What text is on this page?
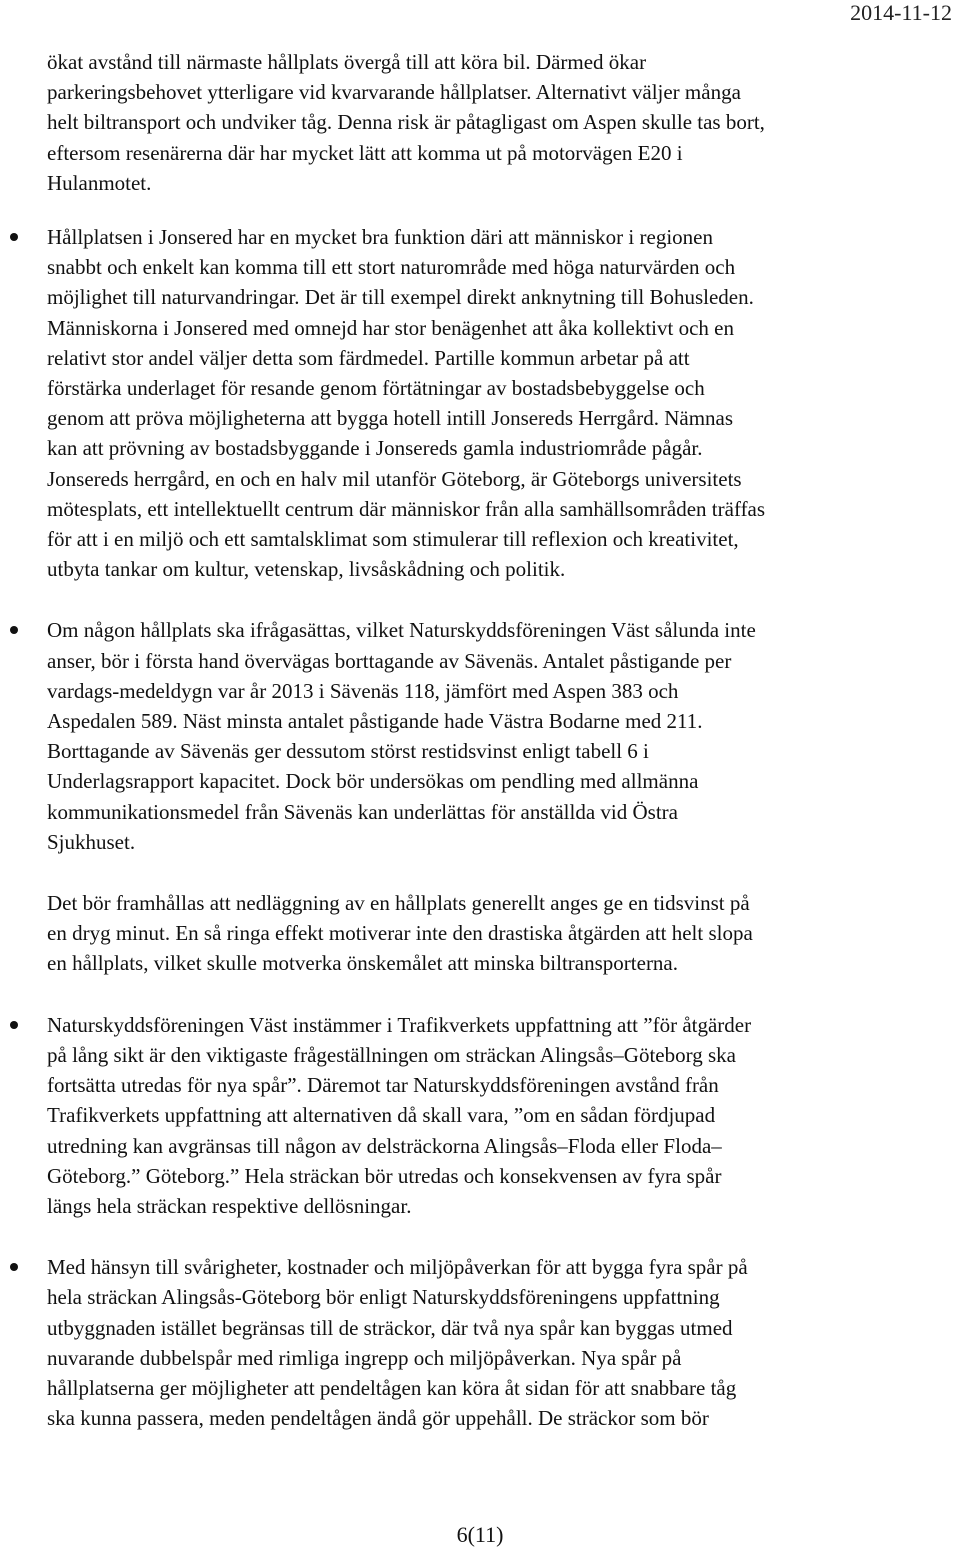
2014-11-12

ökat avstånd till närmaste hållplats övergå till att köra bil. Därmed ökar

parkeringsbehovet ytterligare vid kvarvarande hållplatser. Alternativt väljer många

helt biltransport och undviker tåg. Denna risk är påtagligast om Aspen skulle tas bort,

eftersom resenärerna där har mycket lätt att komma ut på motorvägen E20 i

Hulanmotet.

Hållplatsen i Jonsered har en mycket bra funktion däri att människor i regionen

snabbt och enkelt kan komma till ett stort naturområde med höga naturvärden och

möjlighet till naturvandringar. Det är till exempel direkt anknytning till Bohusleden.

Människorna i Jonsered med omnejd har stor benägenhet att åka kollektivt och en

relativt stor andel väljer detta som färdmedel. Partille kommun arbetar på att

förstärka underlaget för resande genom förtätningar av bostadsbebyggelse och

genom att pröva möjligheterna att bygga hotell intill Jonsereds Herrgård. Nämnas

kan att prövning av bostadsbyggande i Jonsereds gamla industriområde pågår.

Jonsereds herrgård, en och en halv mil utanför Göteborg, är Göteborgs universitets

mötesplats, ett intellektuellt centrum där människor från alla samhällsområden träffas

för att i en miljö och ett samtalsklimat som stimulerar till reflexion och kreativitet,

utbyta tankar om kultur, vetenskap, livsåskådning och politik.

Om någon hållplats ska ifrågasättas, vilket Naturskyddsföreningen Väst sålunda inte

anser, bör i första hand övervägas borttagande av Sävenäs. Antalet påstigande per

vardags-medeldygn var år 2013 i Sävenäs 118, jämfört med Aspen 383 och

Aspedalen 589. Näst minsta antalet påstigande hade Västra Bodarne med 211.

Borttagande av Sävenäs ger dessutom störst restidsvinst enligt tabell 6 i

Underlagsrapport kapacitet. Dock bör undersökas om pendling med allmänna

kommunikationsmedel från Sävenäs kan underlättas för anställda vid Östra

Sjukhuset.

Det bör framhållas att nedläggning av en hållplats generellt anges ge en tidsvinst på

en dryg minut. En så ringa effekt motiverar inte den drastiska åtgärden att helt slopa

en hållplats, vilket skulle motverka önskemålet att minska biltransporterna.

Naturskyddsföreningen Väst instämmer i Trafikverkets uppfattning att ”för åtgärder

på lång sikt är den viktigaste frågeställningen om sträckan Alingsås–Göteborg ska

fortsätta utredas för nya spår”. Däremot tar Naturskyddsföreningen avstånd från

Trafikverkets uppfattning att alternativen då skall vara, ”om en sådan fördjupad

utredning kan avgränsas till någon av delsträckorna Alingsås–Floda eller Floda–

Göteborg.” Göteborg.” Hela sträckan bör utredas och konsekvensen av fyra spår

längs hela sträckan respektive dellösningar.

Med hänsyn till svårigheter, kostnader och miljöpåverkan för att bygga fyra spår på

hela sträckan Alingsås-Göteborg bör enligt Naturskyddsföreningens uppfattning

utbyggnaden istället begränsas till de sträckor, där två nya spår kan byggas utmed

nuvarande dubbelspår med rimliga ingrepp och miljöpåverkan. Nya spår på

hållplatserna ger möjligheter att pendeltågen kan köra åt sidan för att snabbare tåg

ska kunna passera, meden pendeltågen ändå gör uppehåll. De sträckor som bör

6(11)
